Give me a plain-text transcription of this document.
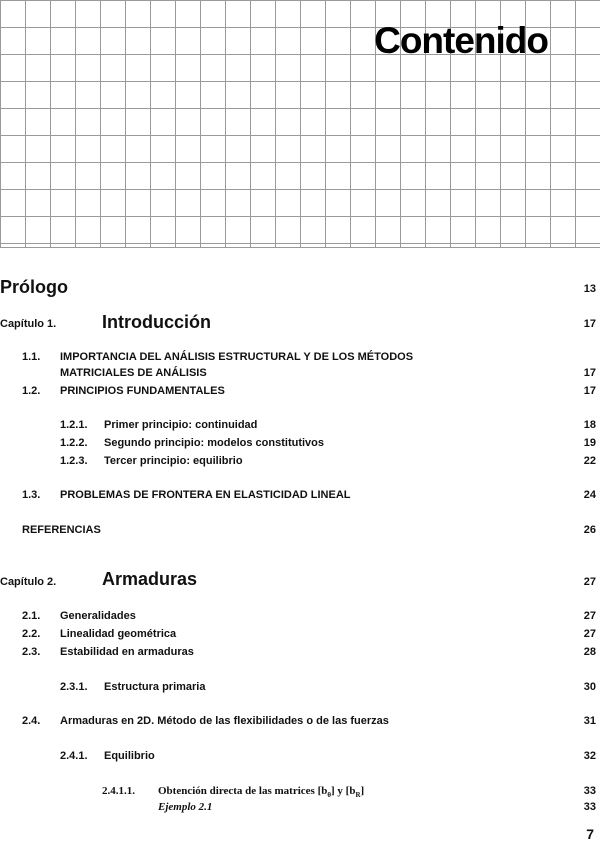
Contenido
Prólogo	13
Capítulo 1.	Introducción	17
1.1. IMPORTANCIA DEL ANÁLISIS ESTRUCTURAL Y DE LOS MÉTODOS
MATRICIALES DE ANÁLISIS	17
1.2. PRINCIPIOS FUNDAMENTALES	17
1.2.1. Primer principio: continuidad	18
1.2.2. Segundo principio: modelos constitutivos	19
1.2.3. Tercer principio: equilibrio	22
1.3. PROBLEMAS DE FRONTERA EN ELASTICIDAD LINEAL	24
REFERENCIAS	26
Capítulo 2.	Armaduras	27
2.1. Generalidades	27
2.2. Linealidad geométrica	27
2.3. Estabilidad en armaduras	28
2.3.1. Estructura primaria	30
2.4. Armaduras en 2D. Método de las flexibilidades o de las fuerzas	31
2.4.1. Equilibrio	32
2.4.1.1. Obtención directa de las matrices $[b_\theta]$ y $[b_R]$	33
Ejemplo 2.1	33
7
